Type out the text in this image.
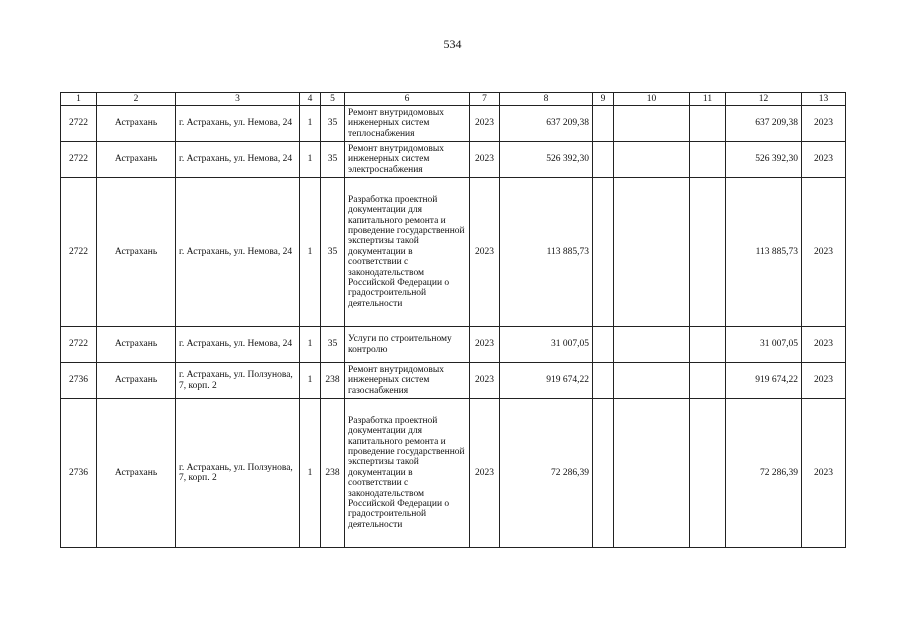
534
1	2	3	4	5	6	7	8	9	10	11	12	13
2722	Астрахань	г. Астрахань, ул. Немова, 24	1	35	Ремонт внутридомовых инженерных систем теплоснабжения	2023	637 209,38				637 209,38	2023
2722	Астрахань	г. Астрахань, ул. Немова, 24	1	35	Ремонт внутридомовых инженерных систем электроснабжения	2023	526 392,30				526 392,30	2023
2722	Астрахань	г. Астрахань, ул. Немова, 24	1	35	Разработка проектной документации для капитального ремонта и проведение государственной экспертизы такой документации в соответствии с законодательством Российской Федерации о градостроительной деятельности	2023	113 885,73				113 885,73	2023
2722	Астрахань	г. Астрахань, ул. Немова, 24	1	35	Услуги по строительному контролю	2023	31 007,05				31 007,05	2023
2736	Астрахань	г. Астрахань, ул. Ползунова, 7, корп. 2	1	238	Ремонт внутридомовых инженерных систем газоснабжения	2023	919 674,22				919 674,22	2023
2736	Астрахань	г. Астрахань, ул. Ползунова, 7, корп. 2	1	238	Разработка проектной документации для капитального ремонта и проведение государственной экспертизы такой документации в соответствии с законодательством Российской Федерации о градостроительной деятельности	2023	72 286,39				72 286,39	2023
